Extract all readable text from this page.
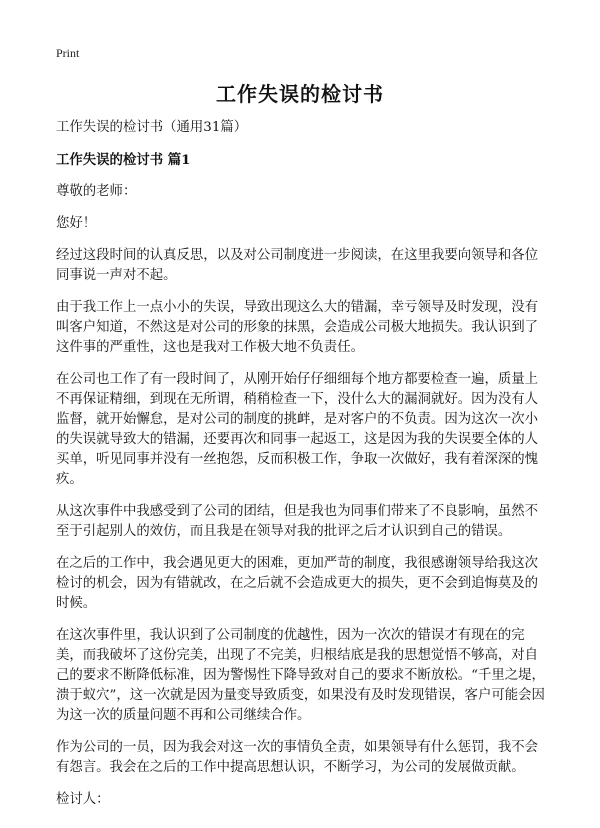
Print
工作失误的检讨书

工作失误的检讨书（通用31篇）

工作失误的检讨书 篇1

尊敬的老师：

您好！

经过这段时间的认真反思，以及对公司制度进一步阅读，在这里我要向领导和各位同事说一声对不起。

由于我工作上一点小小的失误，导致出现这么大的错漏，幸亏领导及时发现，没有叫客户知道，不然这是对公司的形象的抹黑，会造成公司极大地损失。我认识到了这件事的严重性，这也是我对工作极大地不负责任。

在公司也工作了有一段时间了，从刚开始仔仔细细每个地方都要检查一遍，质量上不再保证精细，到现在无所谓，稍稍检查一下，没什么大的漏洞就好。因为没有人监督，就开始懈怠，是对公司的制度的挑衅，是对客户的不负责。因为这次一次小的失误就导致大的错漏，还要再次和同事一起返工，这是因为我的失误要全体的人买单，听见同事并没有一丝抱怨，反而积极工作，争取一次做好，我有着深深的愧疚。

从这次事件中我感受到了公司的团结，但是我也为同事们带来了不良影响，虽然不至于引起别人的效仿，而且我是在领导对我的批评之后才认识到自己的错误。

在之后的工作中，我会遇见更大的困难，更加严苛的制度，我很感谢领导给我这次检讨的机会，因为有错就改，在之后就不会造成更大的损失，更不会到追悔莫及的时候。

在这次事件里，我认识到了公司制度的优越性，因为一次次的错误才有现在的完美，而我破坏了这份完美，出现了不完美，归根结底是我的思想觉悟不够高，对自己的要求不断降低标准，因为警惕性下降导致对自己的要求不断放松。“千里之堤，溃于蚁穴”，这一次就是因为量变导致质变，如果没有及时发现错误，客户可能会因为这一次的质量问题不再和公司继续合作。

作为公司的一员，因为我会对这一次的事情负全责，如果领导有什么惩罚，我不会有怨言。我会在之后的工作中提高思想认识，不断学习，为公司的发展做贡献。

检讨人：
